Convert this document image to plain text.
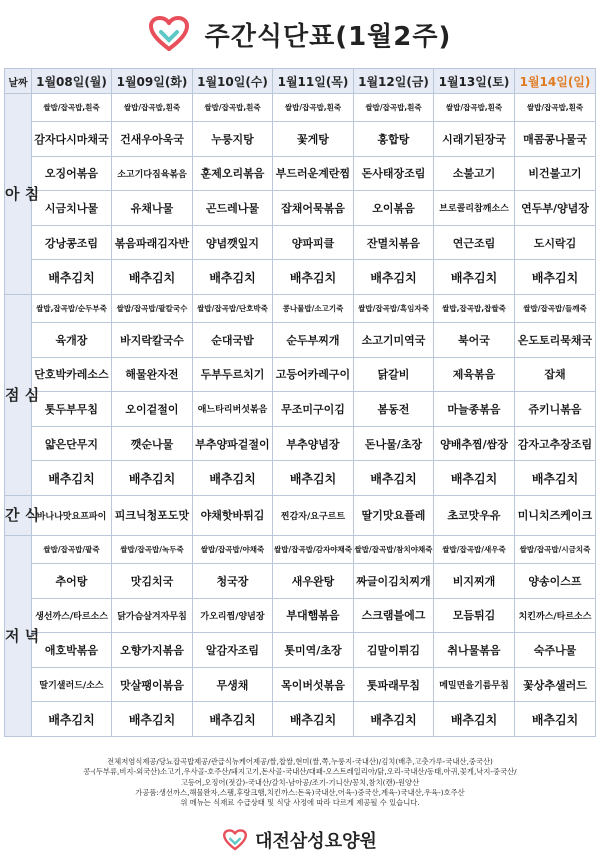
주간식단표(1월2주)
날짜	1월08일(월)	1월09일(화)	1월10일(수)	1월11일(목)	1월12일(금)	1월13일(토)	1월14일(일)
아 침	쌀밥/잡곡밥,흰죽	쌀밥/잡곡밥,흰죽	쌀밥/잡곡밥,흰죽	쌀밥/잡곡밥,흰죽	쌀밥/잡곡밥,흰죽	쌀밥/잡곡밥,흰죽	쌀밥/잡곡밥,흰죽
	감자다시마채국	건새우아욱국	누룽지탕	꽃게탕	홍합탕	시래기된장국	매콤콩나물국
	오징어볶음	소고기다짐육볶음	훈제오리볶음	부드러운계란찜	돈사태장조림	소불고기	비건불고기
	시금치나물	유채나물	곤드레나물	잡채어묵볶음	오이볶음	브로콜리참깨소스	연두부/양념장
	강낭콩조림	볶음파래김자반	양념깻잎지	양파피클	잔멸치볶음	연근조림	도시락김
	배추김치	배추김치	배추김치	배추김치	배추김치	배추김치	배추김치
점 심	쌀밥,잡곡밥/순두부죽	쌀밥/잡곡밥/팥칼국수	쌀밥/잡곡밥/단호박죽	콩나물밥/소고기죽	쌀밥/잡곡밥/흑임자죽	쌀밥,잡곡밥,찹쌀죽	쌀밥/잡곡밥/들깨죽
	육개장	바지락칼국수	순대국밥	순두부찌개	소고기미역국	북어국	온도토리묵채국
	단호박카레소스	해물완자전	두부두르치기	고등어카레구이	닭갈비	제육볶음	잡채
	톳두부무침	오이겉절이	애느타리버섯볶음	무조미구이김	봄동전	마늘종볶음	쥬키니볶음
	얇은단무지	깻순나물	부추양파겉절이	부추양념장	돈나물/초장	양배추찜/쌈장	감자고추장조림
	배추김치	배추김치	배추김치	배추김치	배추김치	배추김치	배추김치
간 식	바나나맛요프파이	피크닉청포도맛	야채핫바튀김	찐감자/요구르트	딸기맛요플레	초코맛우유	미니치즈케이크
저 녁	쌀밥/잡곡밥/팥죽	쌀밥/잡곡밥/녹두죽	쌀밥/잡곡밥/야채죽	쌀밥/잡곡밥/감자야채죽	쌀밥/잡곡밥/참치야채죽	쌀밥/잡곡밥/새우죽	쌀밥/잡곡밥/시금치죽
	추어탕	맛김치국	청국장	새우완탕	짜글이김치찌개	비지찌개	양송이스프
	생선까스/타르소스	닭가슴살겨자무침	가오리찜/양념장	부대햄볶음	스크램블에그	모듬튀김	치킨까스/타르소스
	애호박볶음	오향가지볶음	알감자조림	톳미역/초장	김말이튀김	취나물볶음	숙주나물
	딸기샐러드/소스	맛살팽이볶음	무생채	목이버섯볶음	톳파래무침	메밀면을기름무침	꽃상추샐러드
	배추김치	배추김치	배추김치	배추김치	배추김치	배추김치	배추김치
전체저염식제공/당뇨잡곡밥제공/관급식뉴케어제공/쌀,찹쌀,현미(쌀,쪽,누룽지-국내산)/김치(배추,고춧가루-국내산,중국산)
콩-(두부류,비지-외국산)소고기,우사골-호주산/돼지고기,돈사골-국내산/대패-오스트레일리아/닭,오리-국내산/동태,아귀,꽃게,낙지-중국산/
고등어,오징어(젓갈)-국내산/갈치-남아공/조기-기니산/꽁치,참치(캔)-원양산
가공품:생선까스,해물완자,스팸,후랑크햄,치킨까스:돈육)국내산,어육-)중국산,계육-)국내산,우육-)호주산
위 메뉴는 식재료 수급상태 및 식당 사정에 따라 다르게 제공될 수 있습니다.
대전삼성요양원
